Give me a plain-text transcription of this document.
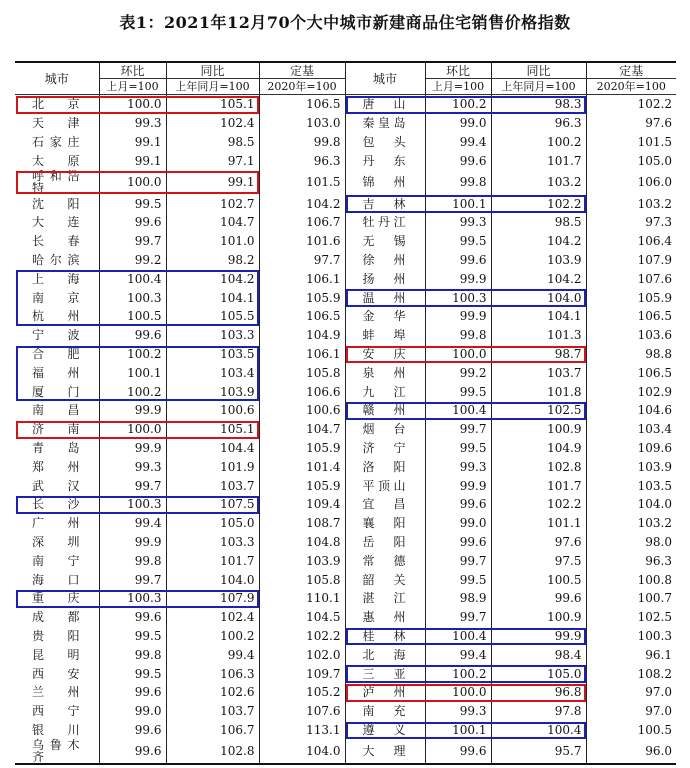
表1：2021年12月70个大中城市新建商品住宅销售价格指数
城市	环比	同比	定基	城市	环比	同比	定基
	上月=100	上年同月=100	2020年=100		上月=100	上年同月=100	2020年=100
北　京	100.0	105.1	106.5	唐　山	100.2	98.3	102.2
天　津	99.3	102.4	103.0	秦皇岛	99.0	96.3	97.6
石家庄	99.1	98.5	99.8	包　头	99.4	100.2	101.5
太　原	99.1	97.1	96.3	丹　东	99.6	101.7	105.0
呼和浩特	100.0	99.1	101.5	锦　州	99.8	103.2	106.0
沈　阳	99.5	102.7	104.2	吉　林	100.1	102.2	103.2
大　连	99.6	104.7	106.7	牡丹江	99.3	98.5	97.3
长　春	99.7	101.0	101.6	无　锡	99.5	104.2	106.4
哈尔滨	99.2	98.2	97.7	徐　州	99.6	103.9	107.9
上　海	100.4	104.2	106.1	扬　州	99.9	104.2	107.6
南　京	100.3	104.1	105.9	温　州	100.3	104.0	105.9
杭　州	100.5	105.5	106.5	金　华	99.9	104.1	106.5
宁　波	99.6	103.3	104.9	蚌　埠	99.8	101.3	103.6
合　肥	100.2	103.5	106.1	安　庆	100.0	98.7	98.8
福　州	100.1	103.4	105.8	泉　州	99.2	103.7	106.5
厦　门	100.2	103.9	106.6	九　江	99.5	101.8	102.9
南　昌	99.9	100.6	100.6	赣　州	100.4	102.5	104.6
济　南	100.0	105.1	104.7	烟　台	99.7	100.9	103.4
青　岛	99.9	104.4	105.9	济　宁	99.5	104.9	109.6
郑　州	99.3	101.9	101.4	洛　阳	99.3	102.8	103.9
武　汉	99.7	103.7	105.9	平顶山	99.9	101.7	103.5
长　沙	100.3	107.5	109.4	宜　昌	99.6	102.2	104.0
广　州	99.4	105.0	108.7	襄　阳	99.0	101.1	103.2
深　圳	99.9	103.3	104.8	岳　阳	99.6	97.6	98.0
南　宁	99.8	101.7	103.9	常　德	99.7	97.5	96.3
海　口	99.7	104.0	105.8	韶　关	99.5	100.5	100.8
重　庆	100.3	107.9	110.1	湛　江	98.9	99.6	100.7
成　都	99.6	102.4	104.5	惠　州	99.7	100.9	102.5
贵　阳	99.5	100.2	102.2	桂　林	100.4	99.9	100.3
昆　明	99.8	99.4	102.0	北　海	99.4	98.4	96.1
西　安	99.5	106.3	109.7	三　亚	100.2	105.0	108.2
兰　州	99.6	102.6	105.2	泸　州	100.0	96.8	97.0
西　宁	99.0	103.7	107.6	南　充	99.3	97.8	97.0
银　川	99.6	106.7	113.1	遵　义	100.1	100.4	100.5
乌鲁木齐	99.6	102.8	104.0	大　理	99.6	95.7	96.0
